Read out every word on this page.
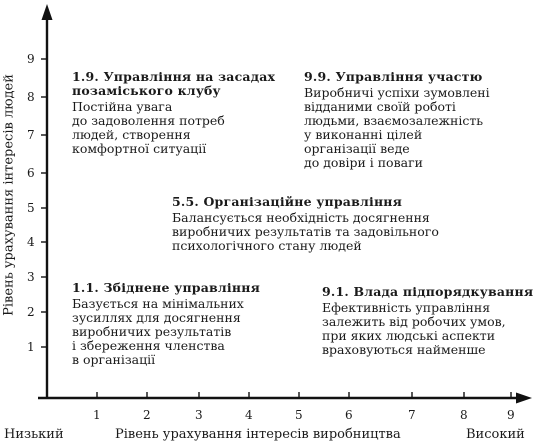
Рівень урахування інтересів людей
1	2	3	4	5	6	7	8	9
1
2
3
4
5
6
7
8
9
Низький	Рівень урахування інтересів виробництва	Високий
1.9. Управління на засадах
позаміського клубу
Постійна увага
до задоволення потреб
людей, створення
комфортної ситуації
9.9. Управління участю
Виробничі успіхи зумовлені
відданими своїй роботі
людьми, взаємозалежність
у виконанні цілей
організації веде
до довіри і поваги
5.5. Організаційне управління
Балансується необхідність досягнення
виробничих результатів та задовільного
психологічного стану людей
1.1. Збіднене управління
Базується на мінімальних
зусиллях для досягнення
виробничих результатів
і збереження членства
в організації
9.1. Влада підпорядкування
Ефективність управління
залежить від робочих умов,
при яких людські аспекти
враховуються найменше
